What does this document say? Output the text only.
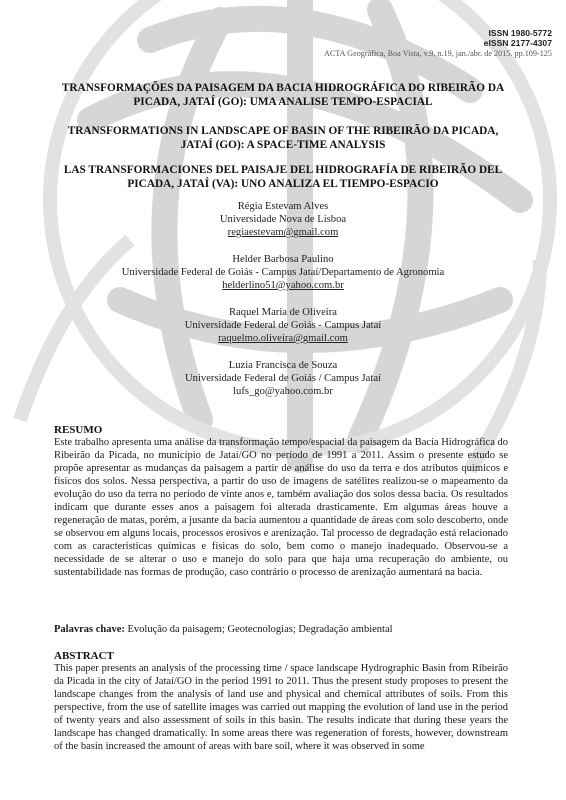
ISSN 1980-5772
eISSN 2177-4307
ACTA Geográfica, Boa Vista, v.9, n.19, jan./abr. de 2015. pp.109-125
TRANSFORMAÇÕES DA PAISAGEM DA BACIA HIDROGRÁFICA DO RIBEIRÃO DA PICADA, JATAÍ (GO): UMA ANALISE TEMPO-ESPACIAL
TRANSFORMATIONS IN LANDSCAPE OF BASIN OF THE RIBEIRÃO DA PICADA, JATAÍ (GO): A SPACE-TIME ANALYSIS
LAS TRANSFORMACIONES DEL PAISAJE DEL HIDROGRAFÍA DE RIBEIRÃO DEL PICADA, JATAÍ (VA): UNO ANALIZA EL TIEMPO-ESPACIO
Régia Estevam Alves
Universidade Nova de Lisboa
regiaestevam@gmail.com
Helder Barbosa Paulino
Universidade Federal de Goiás - Campus Jataí/Departamento de Agronomia
helderlino51@yahoo.com.br
Raquel Maria de Oliveira
Universidade Federal de Goiás - Campus Jataí
raquelmo.oliveira@gmail.com
Luzia Francisca de Souza
Universidade Federal de Goiás / Campus Jataí
lufs_go@yahoo.com.br
RESUMO
Este trabalho apresenta uma análise da transformação tempo/espacial da paisagem da Bacia Hidrográfica do Ribeirão da Picada, no município de Jataí/GO no período de 1991 a 2011. Assim o presente estudo se propõe apresentar as mudanças da paisagem a partir de análise do uso da terra e dos atributos químicos e físicos dos solos. Nessa perspectiva, a partir do uso de imagens de satélites realizou-se o mapeamento da evolução do uso da terra no período de vinte anos e, também avaliação dos solos dessa bacia. Os resultados indicam que durante esses anos a paisagem foi alterada drasticamente. Em algumas áreas houve a regeneração de matas, porém, a jusante da bacia aumentou a quantidade de áreas com solo descoberto, onde se observou em alguns locais, processos erosivos e arenização. Tal processo de degradação está relacionado com as características químicas e físicas do solo, bem como o manejo inadequado. Observou-se a necessidade de se alterar o uso e manejo do solo para que haja uma recuperação do ambiente, ou sustentabilidade nas formas de produção, caso contrário o processo de arenização aumentará na bacia.
Palavras chave: Evolução da paisagem; Geotecnologias; Degradação ambiental
ABSTRACT
This paper presents an analysis of the processing time / space landscape Hydrographic Basin from Ribeirão da Picada in the city of Jataí/GO in the period 1991 to 2011. Thus the present study proposes to present the landscape changes from the analysis of land use and physical and chemical attributes of soils. From this perspective, from the use of satellite images was carried out mapping the evolution of land use in the period of twenty years and also assessment of soils in this basin. The results indicate that during these years the landscape has changed dramatically. In some areas there was regeneration of forests, however, downstream of the basin increased the amount of areas with bare soil, where it was observed in some
